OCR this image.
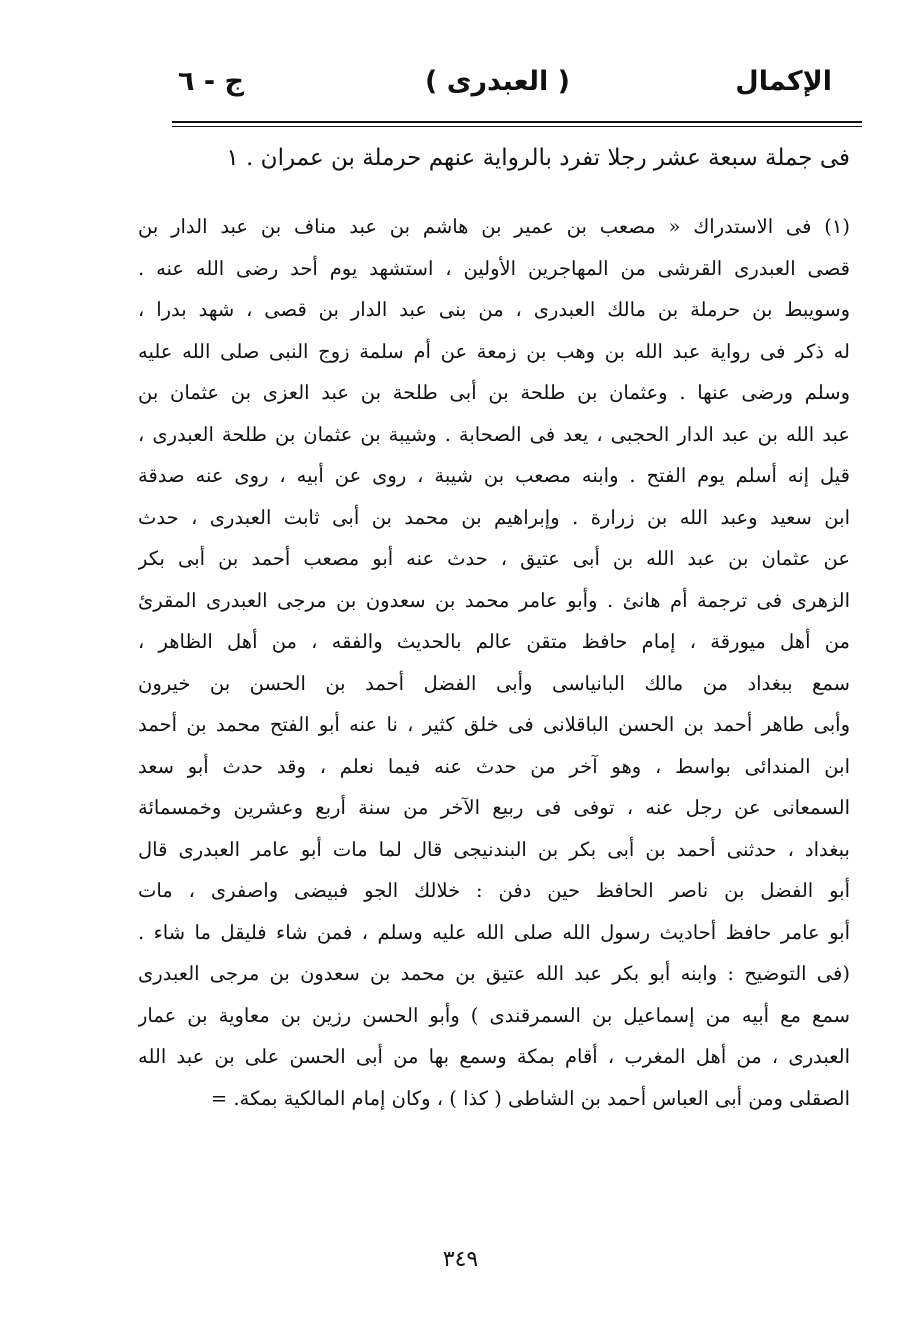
الإكمال
( العبدرى )
ج - ٦
فى جملة سبعة عشر رجلا تفرد بالرواية عنهم حرملة بن عمران . ١
(١) فى الاستدراك « مصعب بن عمير بن هاشم بن عبد مناف بن عبد الدار بن
قصى العبدرى القرشى من المهاجرين الأولين ، استشهد يوم أحد رضى الله عنه .
وسويبط بن حرملة بن مالك العبدرى ، من بنى عبد الدار بن قصى ، شهد بدرا ،
له ذكر فى رواية عبد الله بن وهب بن زمعة عن أم سلمة زوج النبى صلى الله عليه
وسلم ورضى عنها . وعثمان بن طلحة بن أبى طلحة بن عبد العزى بن عثمان بن
عبد الله بن عبد الدار الحجبى ، يعد فى الصحابة . وشيبة بن عثمان بن طلحة العبدرى ،
قيل إنه أسلم يوم الفتح . وابنه مصعب بن شيبة ، روى عن أبيه ، روى عنه صدقة
ابن سعيد وعبد الله بن زرارة . وإبراهيم بن محمد بن أبى ثابت العبدرى ، حدث
عن عثمان بن عبد الله بن أبى عتيق ، حدث عنه أبو مصعب أحمد بن أبى بكر
الزهرى فى ترجمة أم هانئ . وأبو عامر محمد بن سعدون بن مرجى العبدرى المقرئ
من أهل ميورقة ، إمام حافظ متقن عالم بالحديث والفقه ، من أهل الظاهر ،
سمع ببغداد من مالك البانياسى وأبى الفضل أحمد بن الحسن بن خيرون
وأبى طاهر أحمد بن الحسن الباقلانى فى خلق كثير ، نا عنه أبو الفتح محمد بن أحمد
ابن المندائى بواسط ، وهو آخر من حدث عنه فيما نعلم ، وقد حدث أبو سعد
السمعانى عن رجل عنه ، توفى فى ربيع الآخر من سنة أربع وعشرين وخمسمائة
ببغداد ، حدثنى أحمد بن أبى بكر بن البندنيجى قال لما مات أبو عامر العبدرى قال
أبو الفضل بن ناصر الحافظ حين دفن : خلالك الجو فبيضى واصفرى ، مات
أبو عامر حافظ أحاديث رسول الله صلى الله عليه وسلم ، فمن شاء فليقل ما شاء .
(فى التوضيح : وابنه أبو بكر عبد الله عتيق بن محمد بن سعدون بن مرجى العبدرى
سمع مع أبيه من إسماعيل بن السمرقندى ) وأبو الحسن رزين بن معاوية بن عمار
العبدرى ، من أهل المغرب ، أقام بمكة وسمع بها من أبى الحسن على بن عبد الله
الصقلى ومن أبى العباس أحمد بن الشاطى ( كذا ) ، وكان إمام المالكية بمكة. =
٣٤٩
